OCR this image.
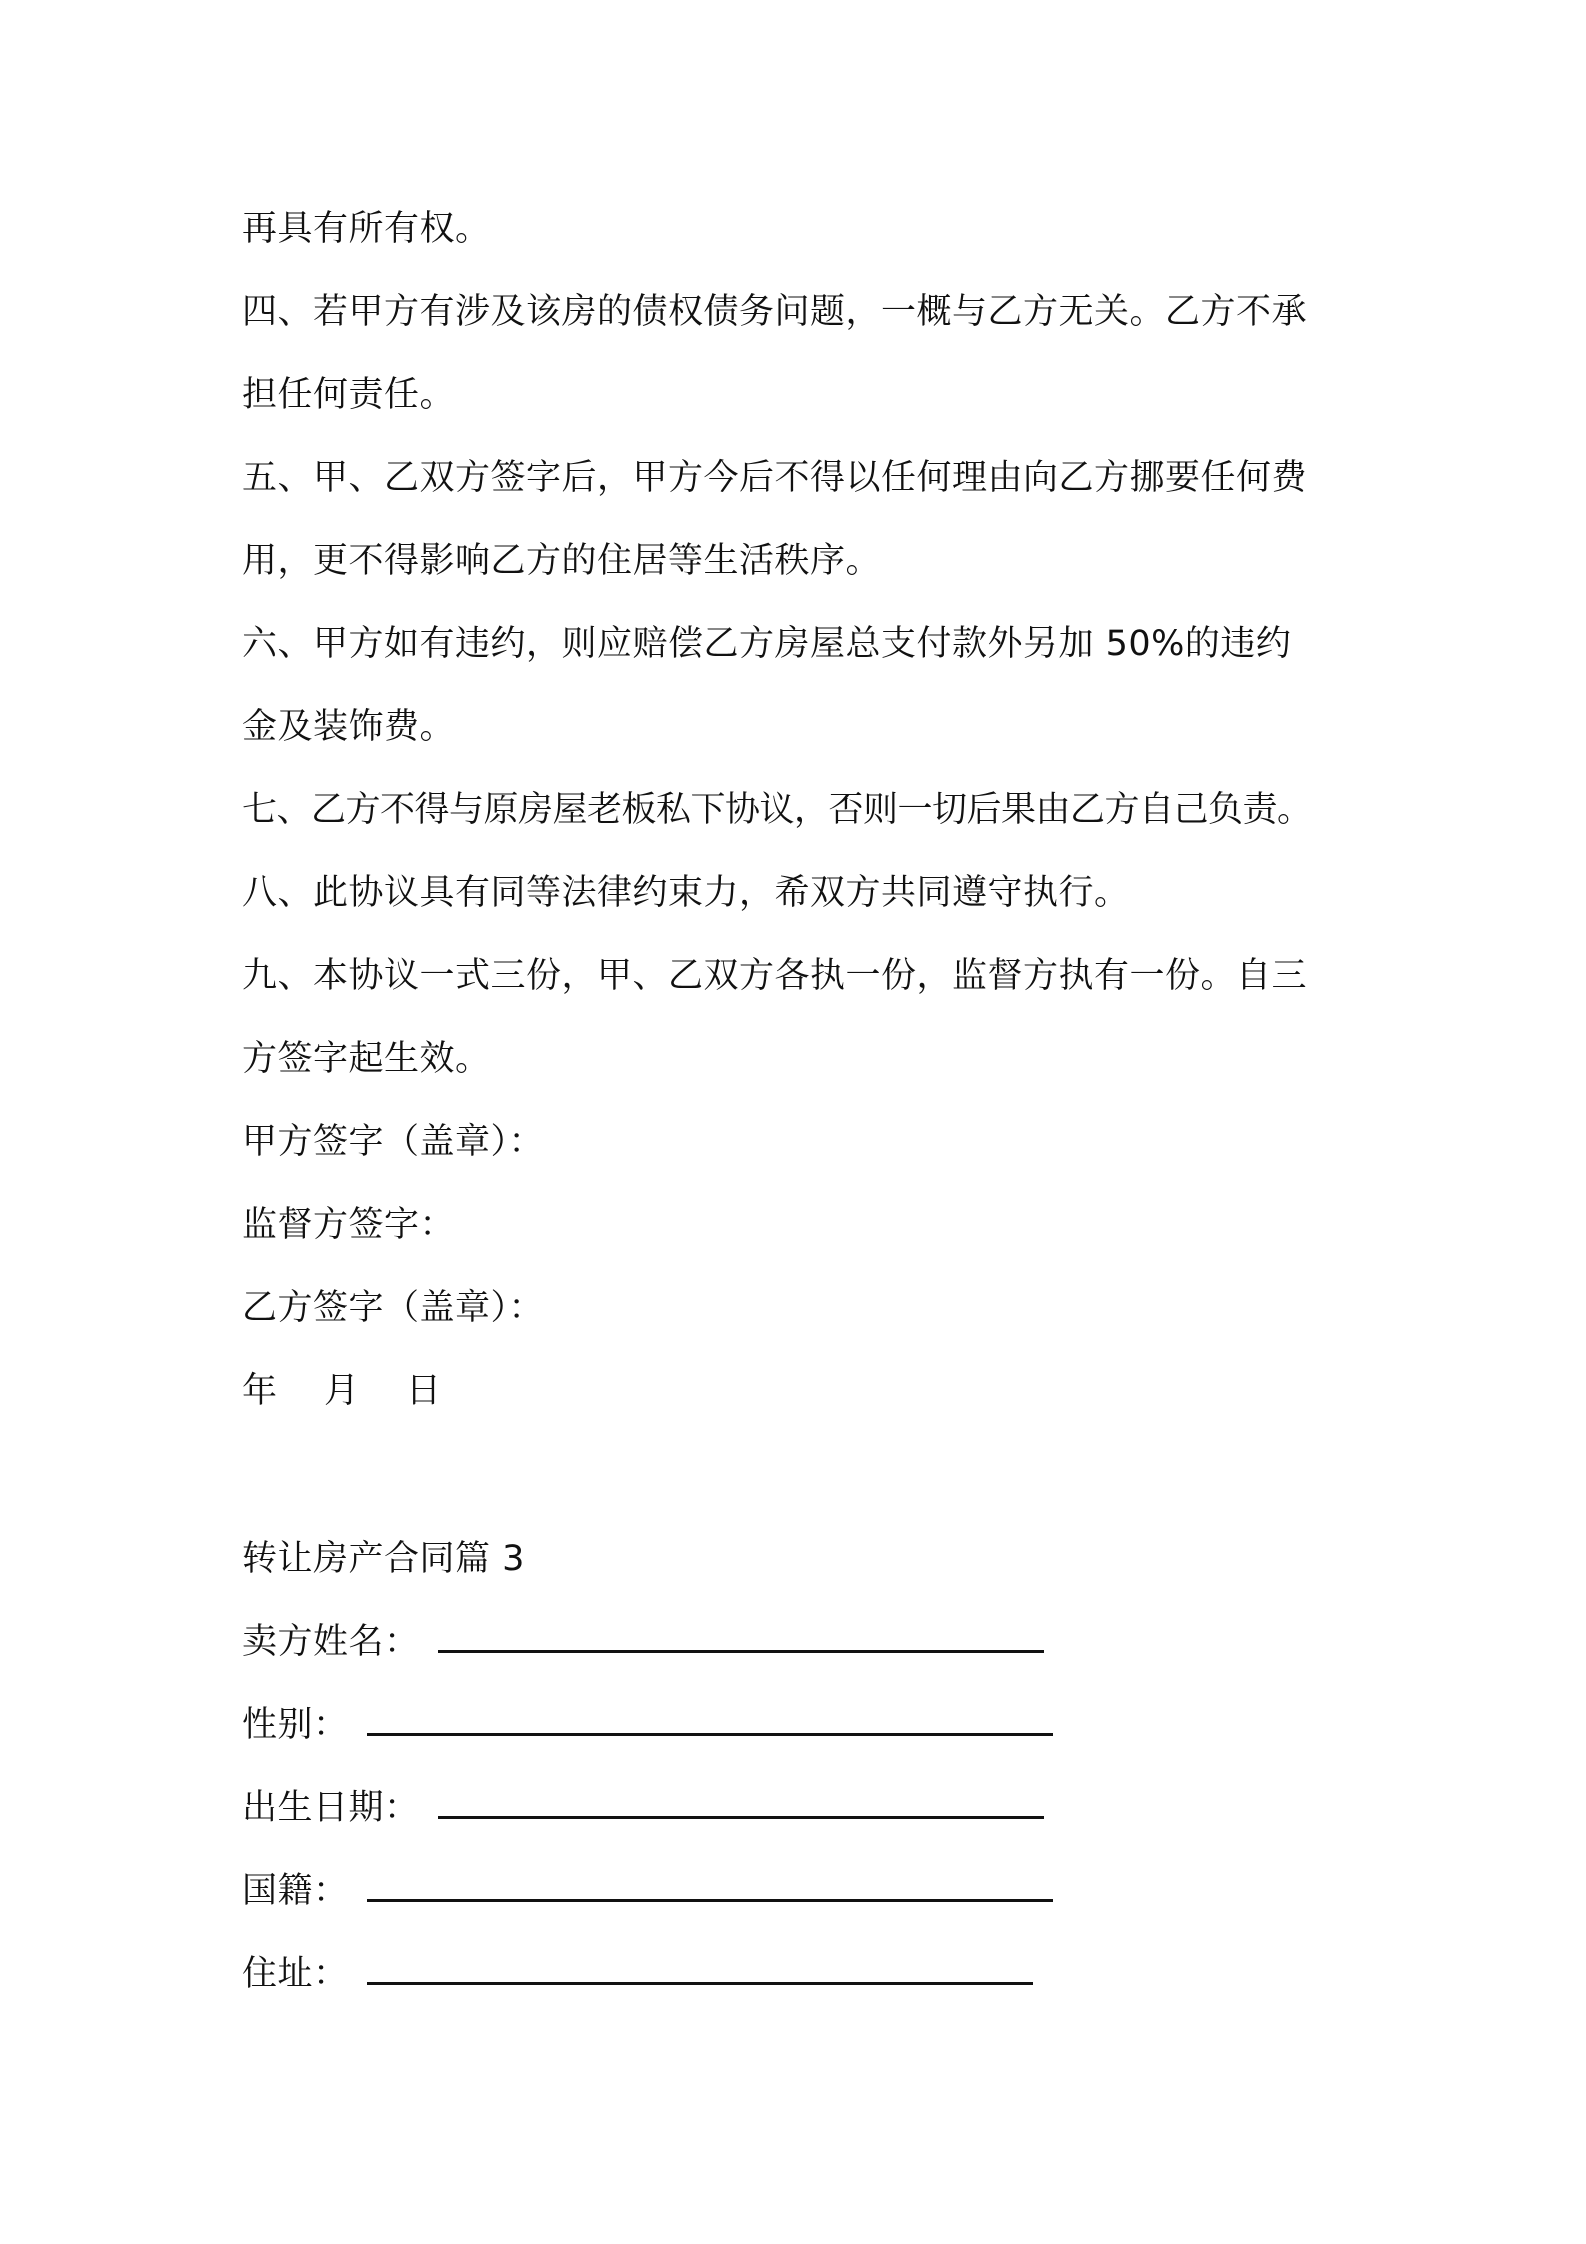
再具有所有权。
四、若甲方有涉及该房的债权债务问题，一概与乙方无关。乙方不承
担任何责任。
五、甲、乙双方签字后，甲方今后不得以任何理由向乙方挪要任何费
用，更不得影响乙方的住居等生活秩序。
六、甲方如有违约，则应赔偿乙方房屋总支付款外另加 50%的违约
金及装饰费。
七、乙方不得与原房屋老板私下协议，否则一切后果由乙方自己负责。
八、此协议具有同等法律约束力，希双方共同遵守执行。
九、本协议一式三份，甲、乙双方各执一份，监督方执有一份。自三
方签字起生效。
甲方签字（盖章）：
监督方签字：
乙方签字（盖章）：
年    月    日
转让房产合同篇 3
卖方姓名：
性别：
出生日期：
国籍：
住址：
